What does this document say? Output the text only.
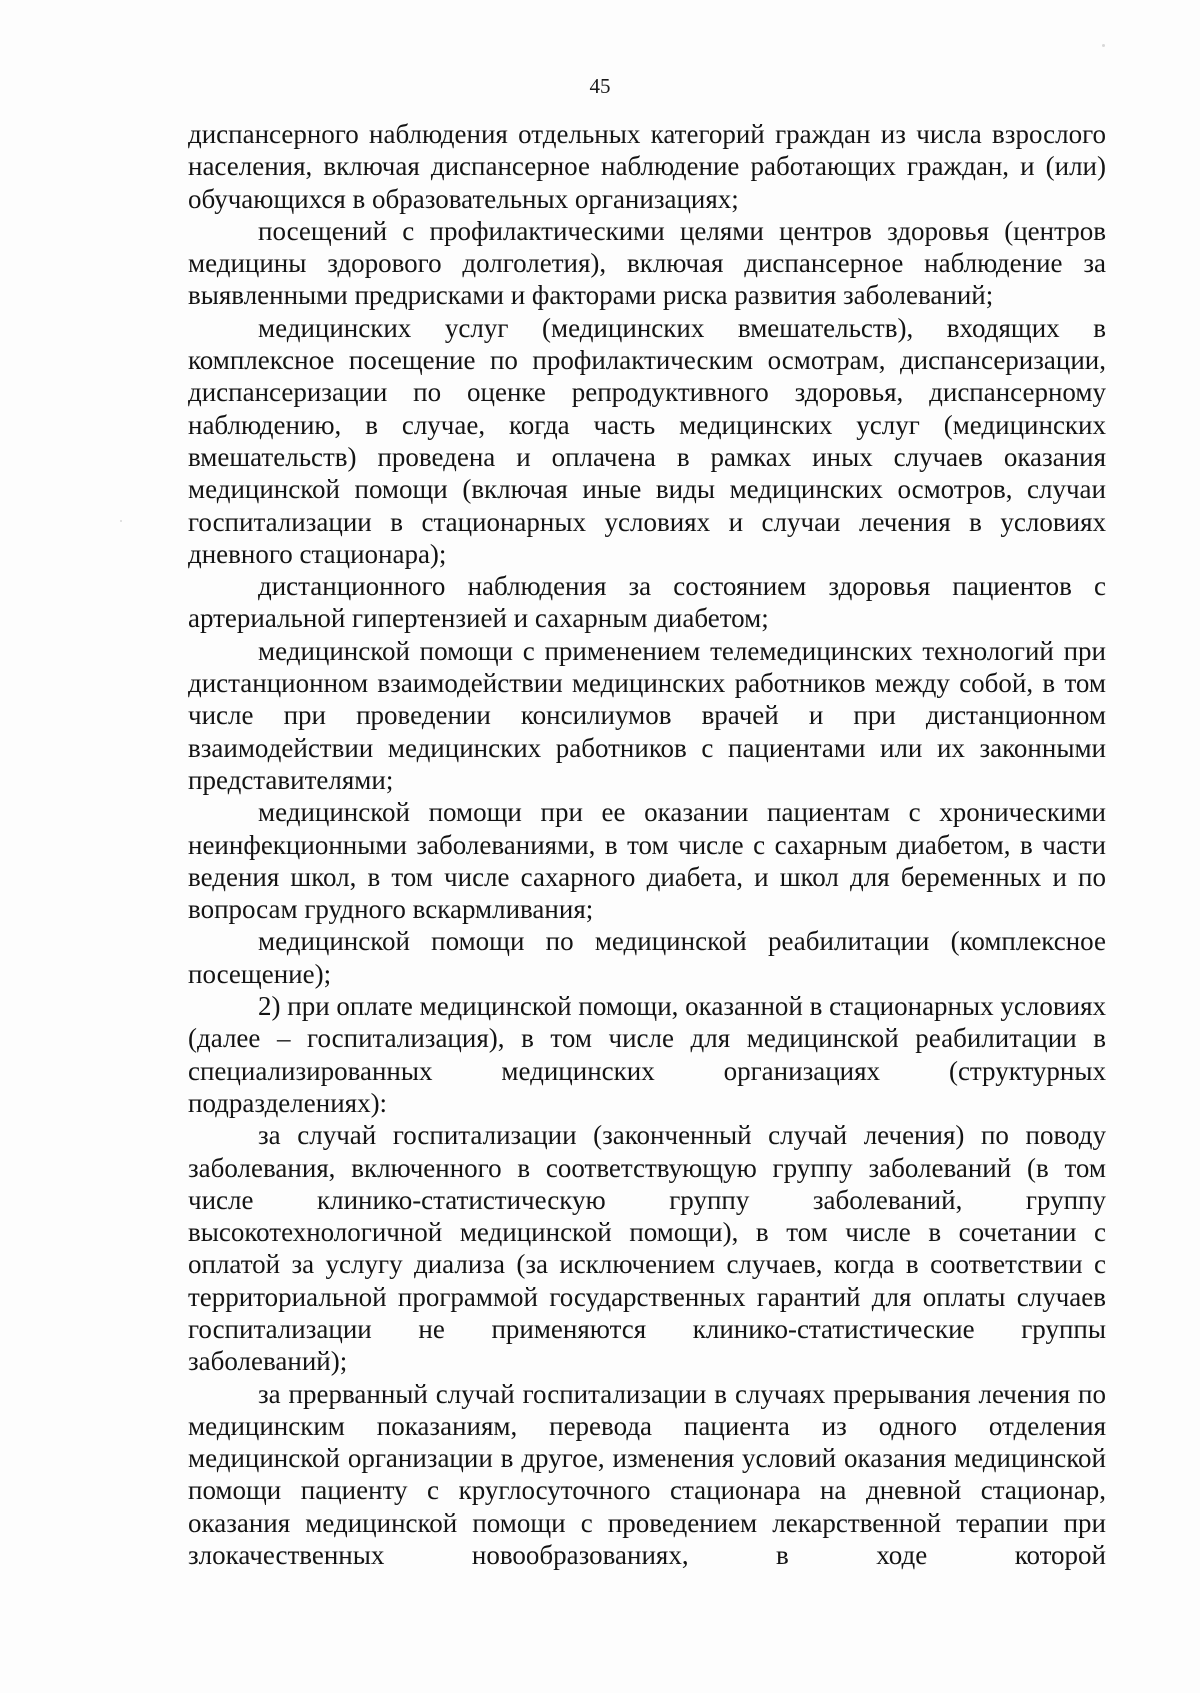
45

диспансерного наблюдения отдельных категорий граждан из числа взрослого населения, включая диспансерное наблюдение работающих граждан, и (или) обучающихся в образовательных организациях;

посещений с профилактическими целями центров здоровья (центров медицины здорового долголетия), включая диспансерное наблюдение за выявленными предрисками и факторами риска развития заболеваний;

медицинских услуг (медицинских вмешательств), входящих в комплексное посещение по профилактическим осмотрам, диспансеризации, диспансеризации по оценке репродуктивного здоровья, диспансерному наблюдению, в случае, когда часть медицинских услуг (медицинских вмешательств) проведена и оплачена в рамках иных случаев оказания медицинской помощи (включая иные виды медицинских осмотров, случаи госпитализации в стационарных условиях и случаи лечения в условиях дневного стационара);

дистанционного наблюдения за состоянием здоровья пациентов с артериальной гипертензией и сахарным диабетом;

медицинской помощи с применением телемедицинских технологий при дистанционном взаимодействии медицинских работников между собой, в том числе при проведении консилиумов врачей и при дистанционном взаимодействии медицинских работников с пациентами или их законными представителями;

медицинской помощи при ее оказании пациентам с хроническими неинфекционными заболеваниями, в том числе с сахарным диабетом, в части ведения школ, в том числе сахарного диабета, и школ для беременных и по вопросам грудного вскармливания;

медицинской помощи по медицинской реабилитации (комплексное посещение);

2) при оплате медицинской помощи, оказанной в стационарных условиях (далее – госпитализация), в том числе для медицинской реабилитации в специализированных медицинских организациях (структурных подразделениях):

за случай госпитализации (законченный случай лечения) по поводу заболевания, включенного в соответствующую группу заболеваний (в том числе клинико-статистическую группу заболеваний, группу высокотехнологичной медицинской помощи), в том числе в сочетании с оплатой за услугу диализа (за исключением случаев, когда в соответствии с территориальной программой государственных гарантий для оплаты случаев госпитализации не применяются клинико-статистические группы заболеваний);

за прерванный случай госпитализации в случаях прерывания лечения по медицинским показаниям, перевода пациента из одного отделения медицинской организации в другое, изменения условий оказания медицинской помощи пациенту с круглосуточного стационара на дневной стационар, оказания медицинской помощи с проведением лекарственной терапии при злокачественных новообразованиях, в ходе которой
